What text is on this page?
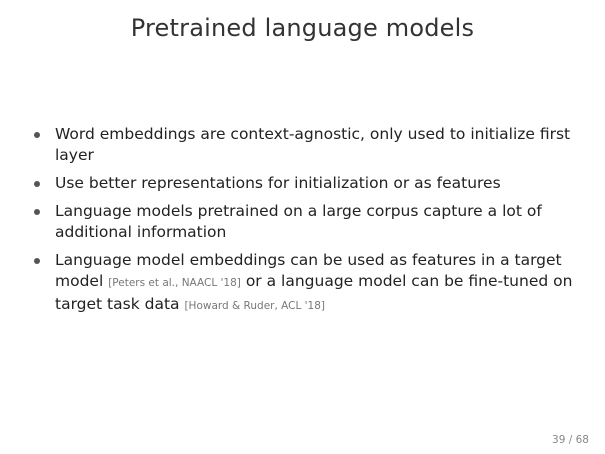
Pretrained language models
Word embeddings are context-agnostic, only used to initialize first layer
Use better representations for initialization or as features
Language models pretrained on a large corpus capture a lot of additional information
Language model embeddings can be used as features in a target model [Peters et al., NAACL '18] or a language model can be fine-tuned on target task data [Howard & Ruder, ACL '18]
39 / 68
